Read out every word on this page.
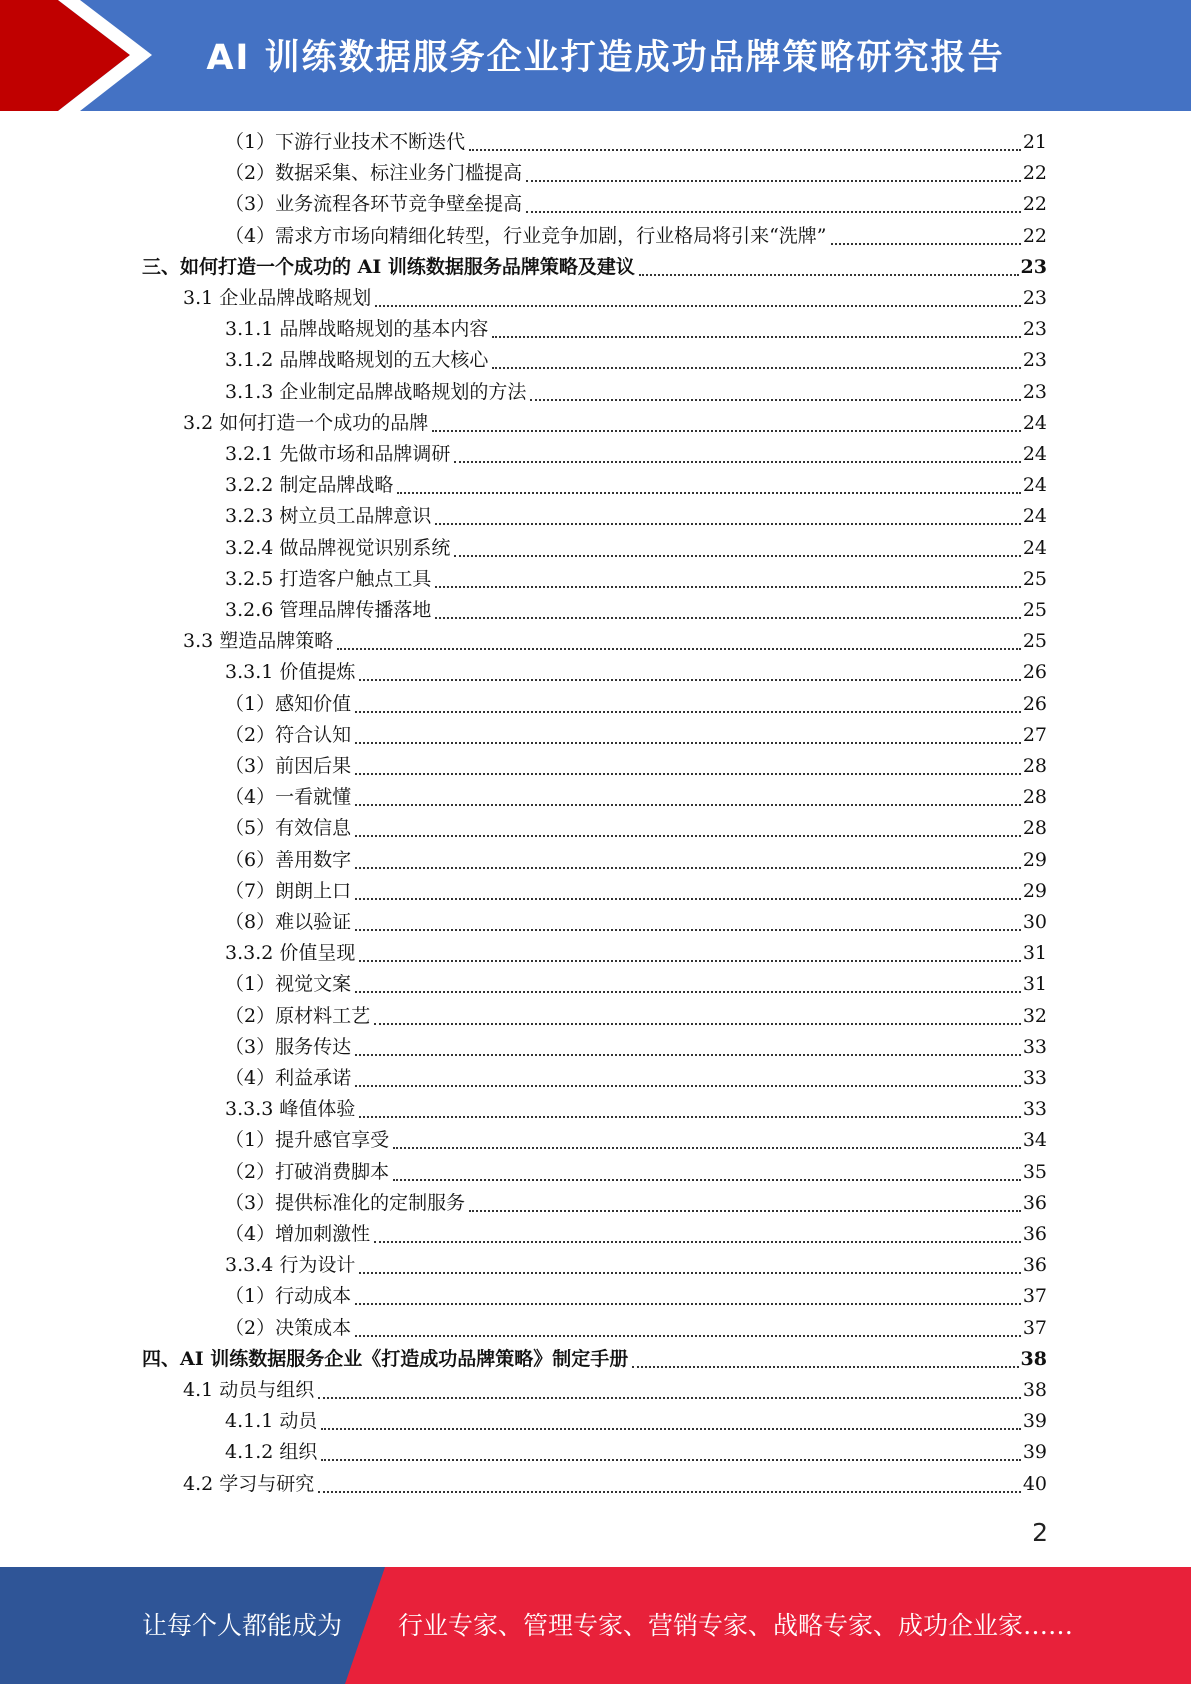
AI 训练数据服务企业打造成功品牌策略研究报告
（1）下游行业技术不断迭代	21
（2）数据采集、标注业务门槛提高	22
（3）业务流程各环节竞争壁垒提高	22
（4）需求方市场向精细化转型，行业竞争加剧，行业格局将引来“洗牌”	22
三、如何打造一个成功的 AI 训练数据服务品牌策略及建议	23
3.1 企业品牌战略规划	23
3.1.1 品牌战略规划的基本内容	23
3.1.2 品牌战略规划的五大核心	23
3.1.3 企业制定品牌战略规划的方法	23
3.2 如何打造一个成功的品牌	24
3.2.1 先做市场和品牌调研	24
3.2.2 制定品牌战略	24
3.2.3 树立员工品牌意识	24
3.2.4 做品牌视觉识别系统	24
3.2.5 打造客户触点工具	25
3.2.6 管理品牌传播落地	25
3.3 塑造品牌策略	25
3.3.1 价值提炼	26
（1）感知价值	26
（2）符合认知	27
（3）前因后果	28
（4）一看就懂	28
（5）有效信息	28
（6）善用数字	29
（7）朗朗上口	29
（8）难以验证	30
3.3.2 价值呈现	31
（1）视觉文案	31
（2）原材料工艺	32
（3）服务传达	33
（4）利益承诺	33
3.3.3 峰值体验	33
（1）提升感官享受	34
（2）打破消费脚本	35
（3）提供标准化的定制服务	36
（4）增加刺激性	36
3.3.4 行为设计	36
（1）行动成本	37
（2）决策成本	37
四、AI 训练数据服务企业《打造成功品牌策略》制定手册	38
4.1 动员与组织	38
4.1.1 动员	39
4.1.2 组织	39
4.2 学习与研究	40
2
让每个人都能成为 行业专家、管理专家、营销专家、战略专家、成功企业家……
